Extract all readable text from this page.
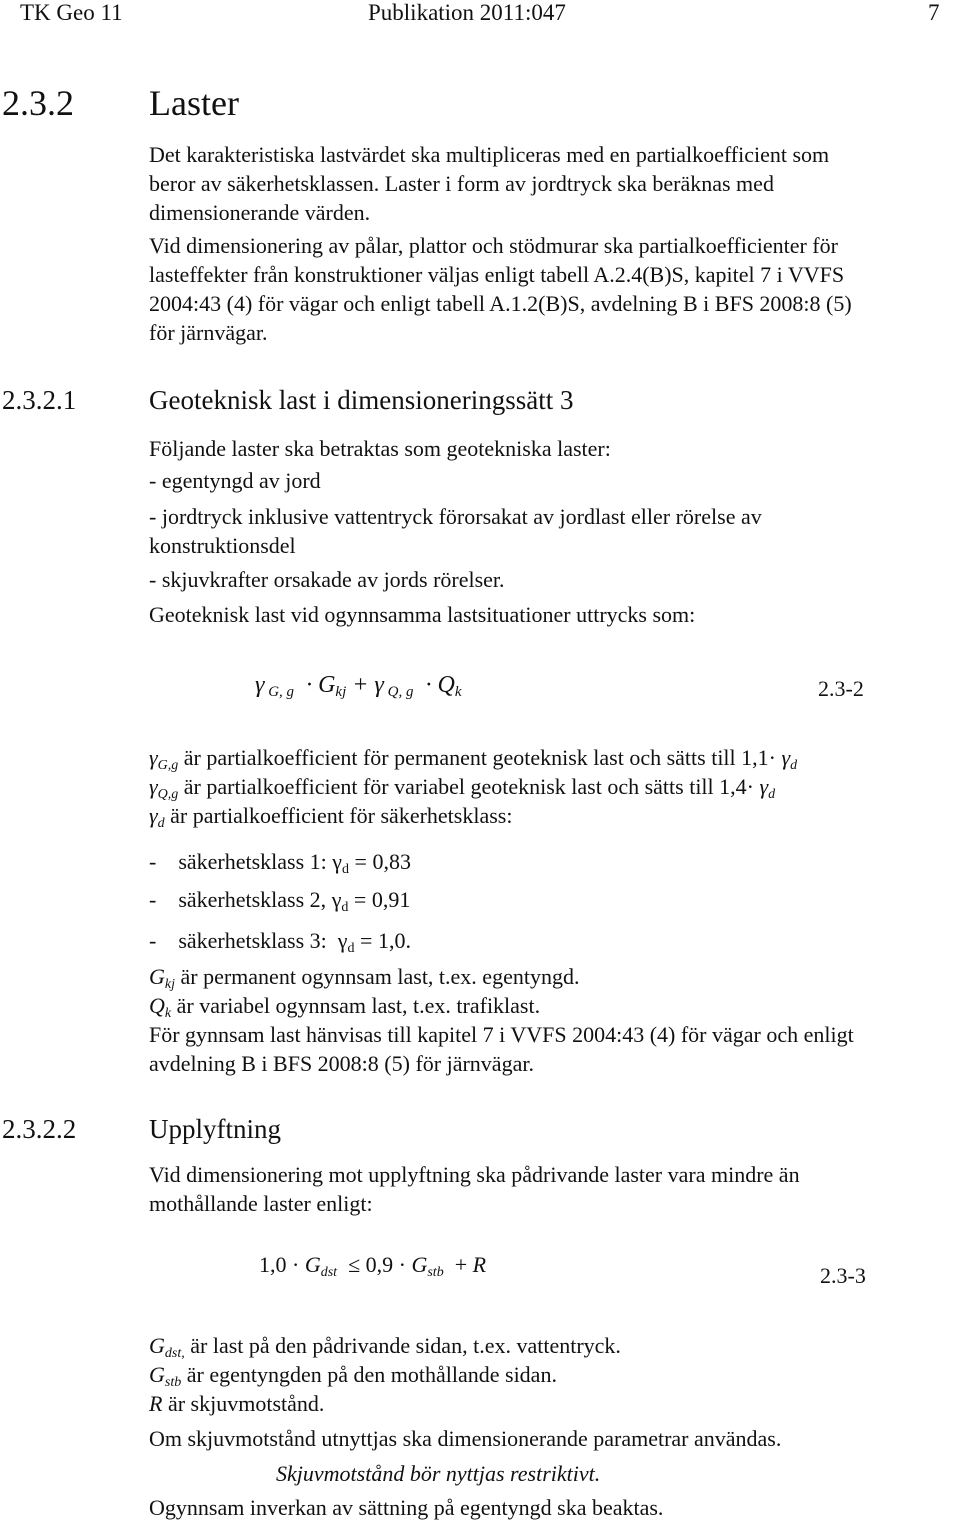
TK Geo 11	Publikation 2011:047	7
2.3.2 Laster
Det karakteristiska lastvärdet ska multipliceras med en partialkoefficient som
beror av säkerhetsklassen. Laster i form av jordtryck ska beräknas med
dimensionerande värden.
Vid dimensionering av pålar, plattor och stödmurar ska partialkoefficienter för
lasteffekter från konstruktioner väljas enligt tabell A.2.4(B)S, kapitel 7 i VVFS
2004:43 (4) för vägar och enligt tabell A.1.2(B)S, avdelning B i BFS 2008:8 (5)
för järnvägar.
2.3.2.1	Geoteknisk last i dimensioneringssätt 3
Följande laster ska betraktas som geotekniska laster:
- egentyngd av jord
- jordtryck inklusive vattentryck förorsakat av jordlast eller rörelse av
konstruktionsdel
- skjuvkrafter orsakade av jords rörelser.
Geoteknisk last vid ogynnsamma lastsituationer uttrycks som:
γ $_{G, g} \cdot G_{kj} + \gamma$ $_{Q, g} \cdot Q_k$	2.3-2
$\gamma_{G,g}$ är partialkoefficient för permanent geoteknisk last och sätts till $1,1\cdot \gamma_d$
$\gamma_{Q,g}$ är partialkoefficient för variabel geoteknisk last och sätts till $1,4\cdot \gamma_d$
$\gamma_d$ är partialkoefficient för säkerhetsklass:
-    säkerhetsklass 1: $\gamma_d = 0,83$
-    säkerhetsklass 2, $\gamma_d = 0,91$
-    säkerhetsklass 3:  $\gamma_d = 1,0$.
$G_{kj}$ är permanent ogynnsam last, t.ex. egentyngd.
$Q_k$ är variabel ogynnsam last, t.ex. trafiklast.
För gynnsam last hänvisas till kapitel 7 i VVFS 2004:43 (4) för vägar och enligt
avdelning B i BFS 2008:8 (5) för järnvägar.
2.3.2.2	Upplyftning
Vid dimensionering mot upplyftning ska pådrivande laster vara mindre än
mothållande laster enligt:
$1,0 \cdot G_{dst} \le 0,9 \cdot G_{stb} + R$	2.3-3
$G_{dst,}$ är last på den pådrivande sidan, t.ex. vattentryck.
$G_{stb}$ är egentyngden på den mothållande sidan.
R är skjuvmotstånd.
Om skjuvmotstånd utnyttjas ska dimensionerande parametrar användas.
Skjuvmotstånd bör nyttjas restriktivt.
Ogynnsam inverkan av sättning på egentyngd ska beaktas.
